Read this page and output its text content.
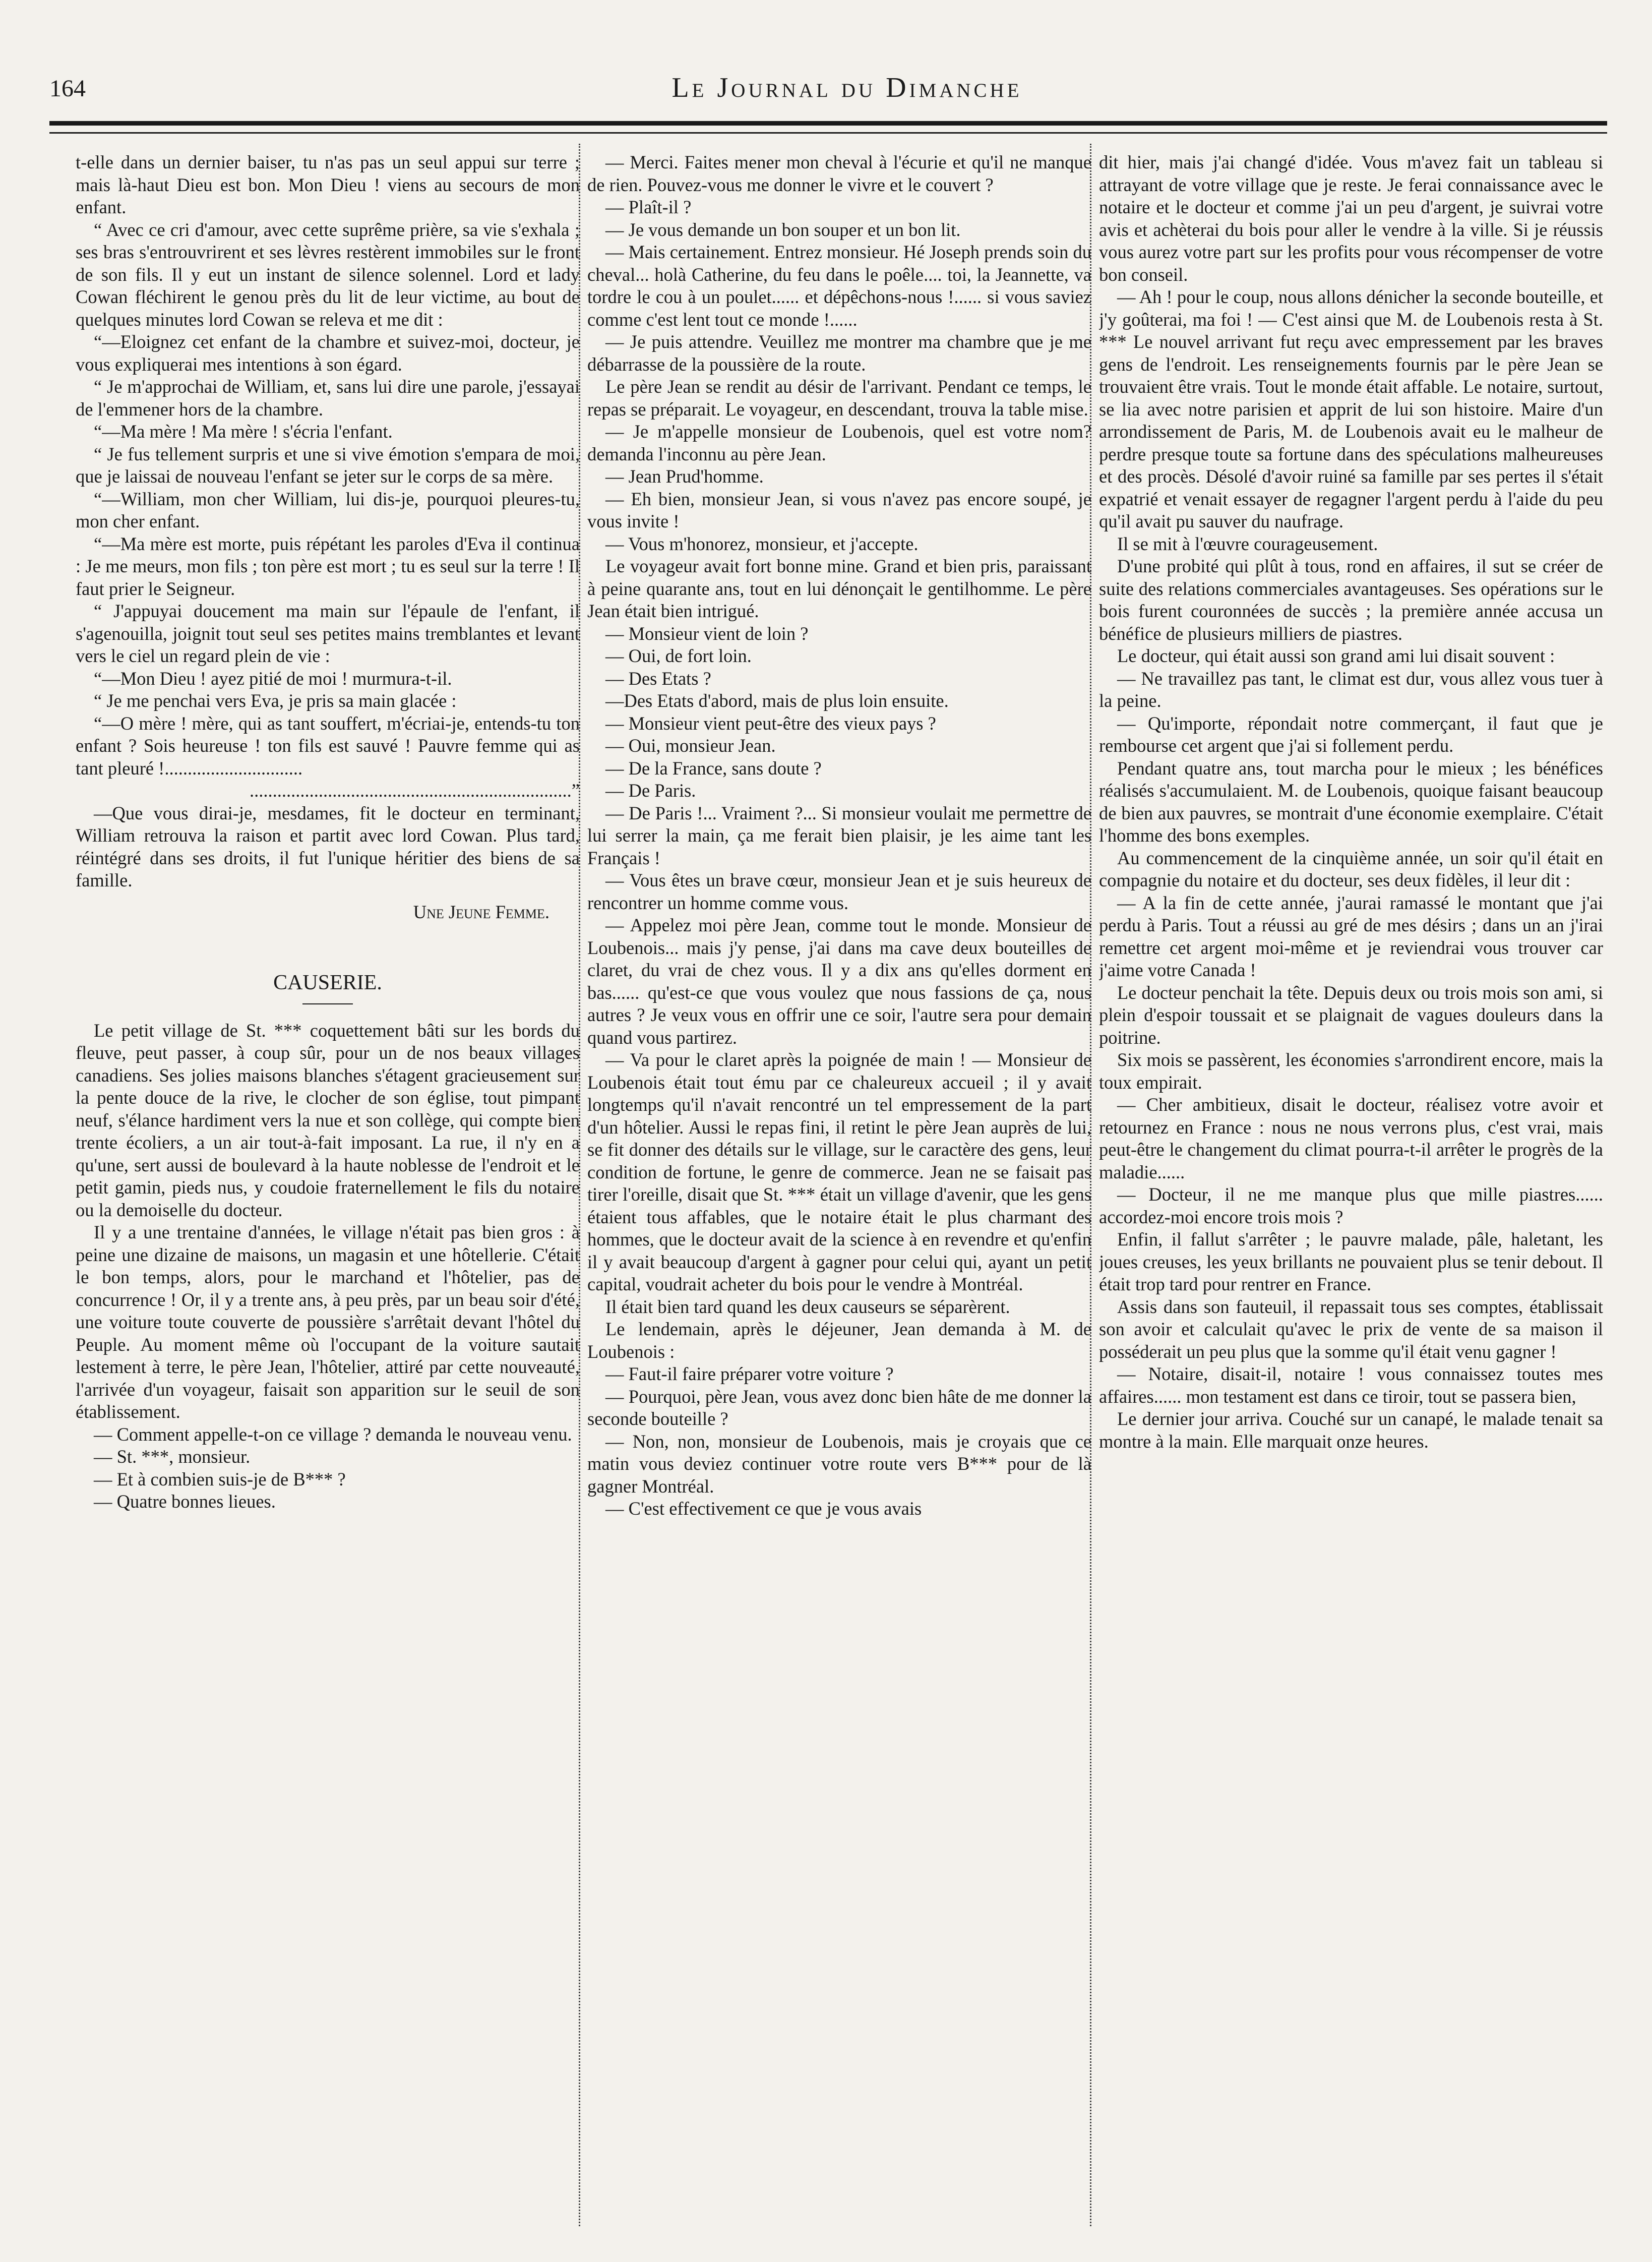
164	Le Journal du Dimanche

t-elle dans un dernier baiser, tu n'as pas un seul appui sur terre ; mais là-haut Dieu est bon. Mon Dieu ! viens au secours de mon enfant.

“ Avec ce cri d'amour, avec cette suprême prière, sa vie s'exhala ; ses bras s'entrouvrirent et ses lèvres restèrent immobiles sur le front de son fils. Il y eut un instant de silence solennel. Lord et lady Cowan fléchirent le genou près du lit de leur victime, au bout de quelques minutes lord Cowan se releva et me dit :

“—Eloignez cet enfant de la chambre et suivez-moi, docteur, je vous expliquerai mes intentions à son égard.

“ Je m'approchai de William, et, sans lui dire une parole, j'essayai de l'emmener hors de la chambre.

“—Ma mère ! Ma mère ! s'écria l'enfant.

“ Je fus tellement surpris et une si vive émotion s'empara de moi, que je laissai de nouveau l'enfant se jeter sur le corps de sa mère.

“—William, mon cher William, lui dis-je, pourquoi pleures-tu, mon cher enfant.

“—Ma mère est morte, puis répétant les paroles d'Eva il continua : Je me meurs, mon fils ; ton père est mort ; tu es seul sur la terre ! Il faut prier le Seigneur.

“ J'appuyai doucement ma main sur l'épaule de l'enfant, il s'agenouilla, joignit tout seul ses petites mains tremblantes et levant vers le ciel un regard plein de vie :

“—Mon Dieu ! ayez pitié de moi ! murmura-t-il.

“ Je me penchai vers Eva, je pris sa main glacée :

“—O mère ! mère, qui as tant souffert, m'écriai-je, entends-tu ton enfant ? Sois heureuse ! ton fils est sauvé ! Pauvre femme qui as tant pleuré !..............................

......................................................................”

—Que vous dirai-je, mesdames, fit le docteur en terminant, William retrouva la raison et partit avec lord Cowan. Plus tard, réintégré dans ses droits, il fut l'unique héritier des biens de sa famille.

Une Jeune Femme.

CAUSERIE.

Le petit village de St. *** coquettement bâti sur les bords du fleuve, peut passer, à coup sûr, pour un de nos beaux villages canadiens. Ses jolies maisons blanches s'étagent gracieusement sur la pente douce de la rive, le clocher de son église, tout pimpant neuf, s'élance hardiment vers la nue et son collège, qui compte bien trente écoliers, a un air tout-à-fait imposant. La rue, il n'y en a qu'une, sert aussi de boulevard à la haute noblesse de l'endroit et le petit gamin, pieds nus, y coudoie fraternellement le fils du notaire ou la demoiselle du docteur.

Il y a une trentaine d'années, le village n'était pas bien gros : à peine une dizaine de maisons, un magasin et une hôtellerie. C'était le bon temps, alors, pour le marchand et l'hôtelier, pas de concurrence ! Or, il y a trente ans, à peu près, par un beau soir d'été, une voiture toute couverte de poussière s'arrêtait devant l'hôtel du Peuple. Au moment même où l'occupant de la voiture sautait lestement à terre, le père Jean, l'hôtelier, attiré par cette nouveauté, l'arrivée d'un voyageur, faisait son apparition sur le seuil de son établissement.

— Comment appelle-t-on ce village ? demanda le nouveau venu.

— St. ***, monsieur.

— Et à combien suis-je de B*** ?

— Quatre bonnes lieues.

— Merci. Faites mener mon cheval à l'écurie et qu'il ne manque de rien. Pouvez-vous me donner le vivre et le couvert ?

— Plaît-il ?

— Je vous demande un bon souper et un bon lit.

— Mais certainement. Entrez monsieur. Hé Joseph prends soin du cheval... holà Catherine, du feu dans le poêle.... toi, la Jeannette, va tordre le cou à un poulet...... et dépêchons-nous !...... si vous saviez comme c'est lent tout ce monde !......

— Je puis attendre. Veuillez me montrer ma chambre que je me débarrasse de la poussière de la route.

Le père Jean se rendit au désir de l'arrivant. Pendant ce temps, le repas se préparait. Le voyageur, en descendant, trouva la table mise.

— Je m'appelle monsieur de Loubenois, quel est votre nom? demanda l'inconnu au père Jean.

— Jean Prud'homme.

— Eh bien, monsieur Jean, si vous n'avez pas encore soupé, je vous invite !

— Vous m'honorez, monsieur, et j'accepte.

Le voyageur avait fort bonne mine. Grand et bien pris, paraissant à peine quarante ans, tout en lui dénonçait le gentilhomme. Le père Jean était bien intrigué.

— Monsieur vient de loin ?

— Oui, de fort loin.

— Des Etats ?

—Des Etats d'abord, mais de plus loin ensuite.

— Monsieur vient peut-être des vieux pays ?

— Oui, monsieur Jean.

— De la France, sans doute ?

— De Paris.

— De Paris !... Vraiment ?... Si monsieur voulait me permettre de lui serrer la main, ça me ferait bien plaisir, je les aime tant les Français !

— Vous êtes un brave cœur, monsieur Jean et je suis heureux de rencontrer un homme comme vous.

— Appelez moi père Jean, comme tout le monde. Monsieur de Loubenois... mais j'y pense, j'ai dans ma cave deux bouteilles de claret, du vrai de chez vous. Il y a dix ans qu'elles dorment en bas...... qu'est-ce que vous voulez que nous fassions de ça, nous autres ? Je veux vous en offrir une ce soir, l'autre sera pour demain quand vous partirez.

— Va pour le claret après la poignée de main ! — Monsieur de Loubenois était tout ému par ce chaleureux accueil ; il y avait longtemps qu'il n'avait rencontré un tel empressement de la part d'un hôtelier. Aussi le repas fini, il retint le père Jean auprès de lui, se fit donner des détails sur le village, sur le caractère des gens, leur condition de fortune, le genre de commerce. Jean ne se faisait pas tirer l'oreille, disait que St. *** était un village d'avenir, que les gens étaient tous affables, que le notaire était le plus charmant des hommes, que le docteur avait de la science à en revendre et qu'enfin il y avait beaucoup d'argent à gagner pour celui qui, ayant un petit capital, voudrait acheter du bois pour le vendre à Montréal.

Il était bien tard quand les deux causeurs se séparèrent.

Le lendemain, après le déjeuner, Jean demanda à M. de Loubenois :

— Faut-il faire préparer votre voiture ?

— Pourquoi, père Jean, vous avez donc bien hâte de me donner la seconde bouteille ?

— Non, non, monsieur de Loubenois, mais je croyais que ce matin vous deviez continuer votre route vers B*** pour de là gagner Montréal.

— C'est effectivement ce que je vous avais

dit hier, mais j'ai changé d'idée. Vous m'avez fait un tableau si attrayant de votre village que je reste. Je ferai connaissance avec le notaire et le docteur et comme j'ai un peu d'argent, je suivrai votre avis et achèterai du bois pour aller le vendre à la ville. Si je réussis vous aurez votre part sur les profits pour vous récompenser de votre bon conseil.

— Ah ! pour le coup, nous allons dénicher la seconde bouteille, et j'y goûterai, ma foi ! — C'est ainsi que M. de Loubenois resta à St. *** Le nouvel arrivant fut reçu avec empressement par les braves gens de l'endroit. Les renseignements fournis par le père Jean se trouvaient être vrais. Tout le monde était affable. Le notaire, surtout, se lia avec notre parisien et apprit de lui son histoire. Maire d'un arrondissement de Paris, M. de Loubenois avait eu le malheur de perdre presque toute sa fortune dans des spéculations malheureuses et des procès. Désolé d'avoir ruiné sa famille par ses pertes il s'était expatrié et venait essayer de regagner l'argent perdu à l'aide du peu qu'il avait pu sauver du naufrage.

Il se mit à l'œuvre courageusement.

D'une probité qui plût à tous, rond en affaires, il sut se créer de suite des relations commerciales avantageuses. Ses opérations sur le bois furent couronnées de succès ; la première année accusa un bénéfice de plusieurs milliers de piastres.

Le docteur, qui était aussi son grand ami lui disait souvent :

— Ne travaillez pas tant, le climat est dur, vous allez vous tuer à la peine.

— Qu'importe, répondait notre commerçant, il faut que je rembourse cet argent que j'ai si follement perdu.

Pendant quatre ans, tout marcha pour le mieux ; les bénéfices réalisés s'accumulaient. M. de Loubenois, quoique faisant beaucoup de bien aux pauvres, se montrait d'une économie exemplaire. C'était l'homme des bons exemples.

Au commencement de la cinquième année, un soir qu'il était en compagnie du notaire et du docteur, ses deux fidèles, il leur dit :

— A la fin de cette année, j'aurai ramassé le montant que j'ai perdu à Paris. Tout a réussi au gré de mes désirs ; dans un an j'irai remettre cet argent moi-même et je reviendrai vous trouver car j'aime votre Canada !

Le docteur penchait la tête. Depuis deux ou trois mois son ami, si plein d'espoir toussait et se plaignait de vagues douleurs dans la poitrine.

Six mois se passèrent, les économies s'arrondirent encore, mais la toux empirait.

— Cher ambitieux, disait le docteur, réalisez votre avoir et retournez en France : nous ne nous verrons plus, c'est vrai, mais peut-être le changement du climat pourra-t-il arrêter le progrès de la maladie......

— Docteur, il ne me manque plus que mille piastres...... accordez-moi encore trois mois ?

Enfin, il fallut s'arrêter ; le pauvre malade, pâle, haletant, les joues creuses, les yeux brillants ne pouvaient plus se tenir debout. Il était trop tard pour rentrer en France.

Assis dans son fauteuil, il repassait tous ses comptes, établissait son avoir et calculait qu'avec le prix de vente de sa maison il posséderait un peu plus que la somme qu'il était venu gagner !

— Notaire, disait-il, notaire ! vous connaissez toutes mes affaires...... mon testament est dans ce tiroir, tout se passera bien,

Le dernier jour arriva. Couché sur un canapé, le malade tenait sa montre à la main. Elle marquait onze heures.
